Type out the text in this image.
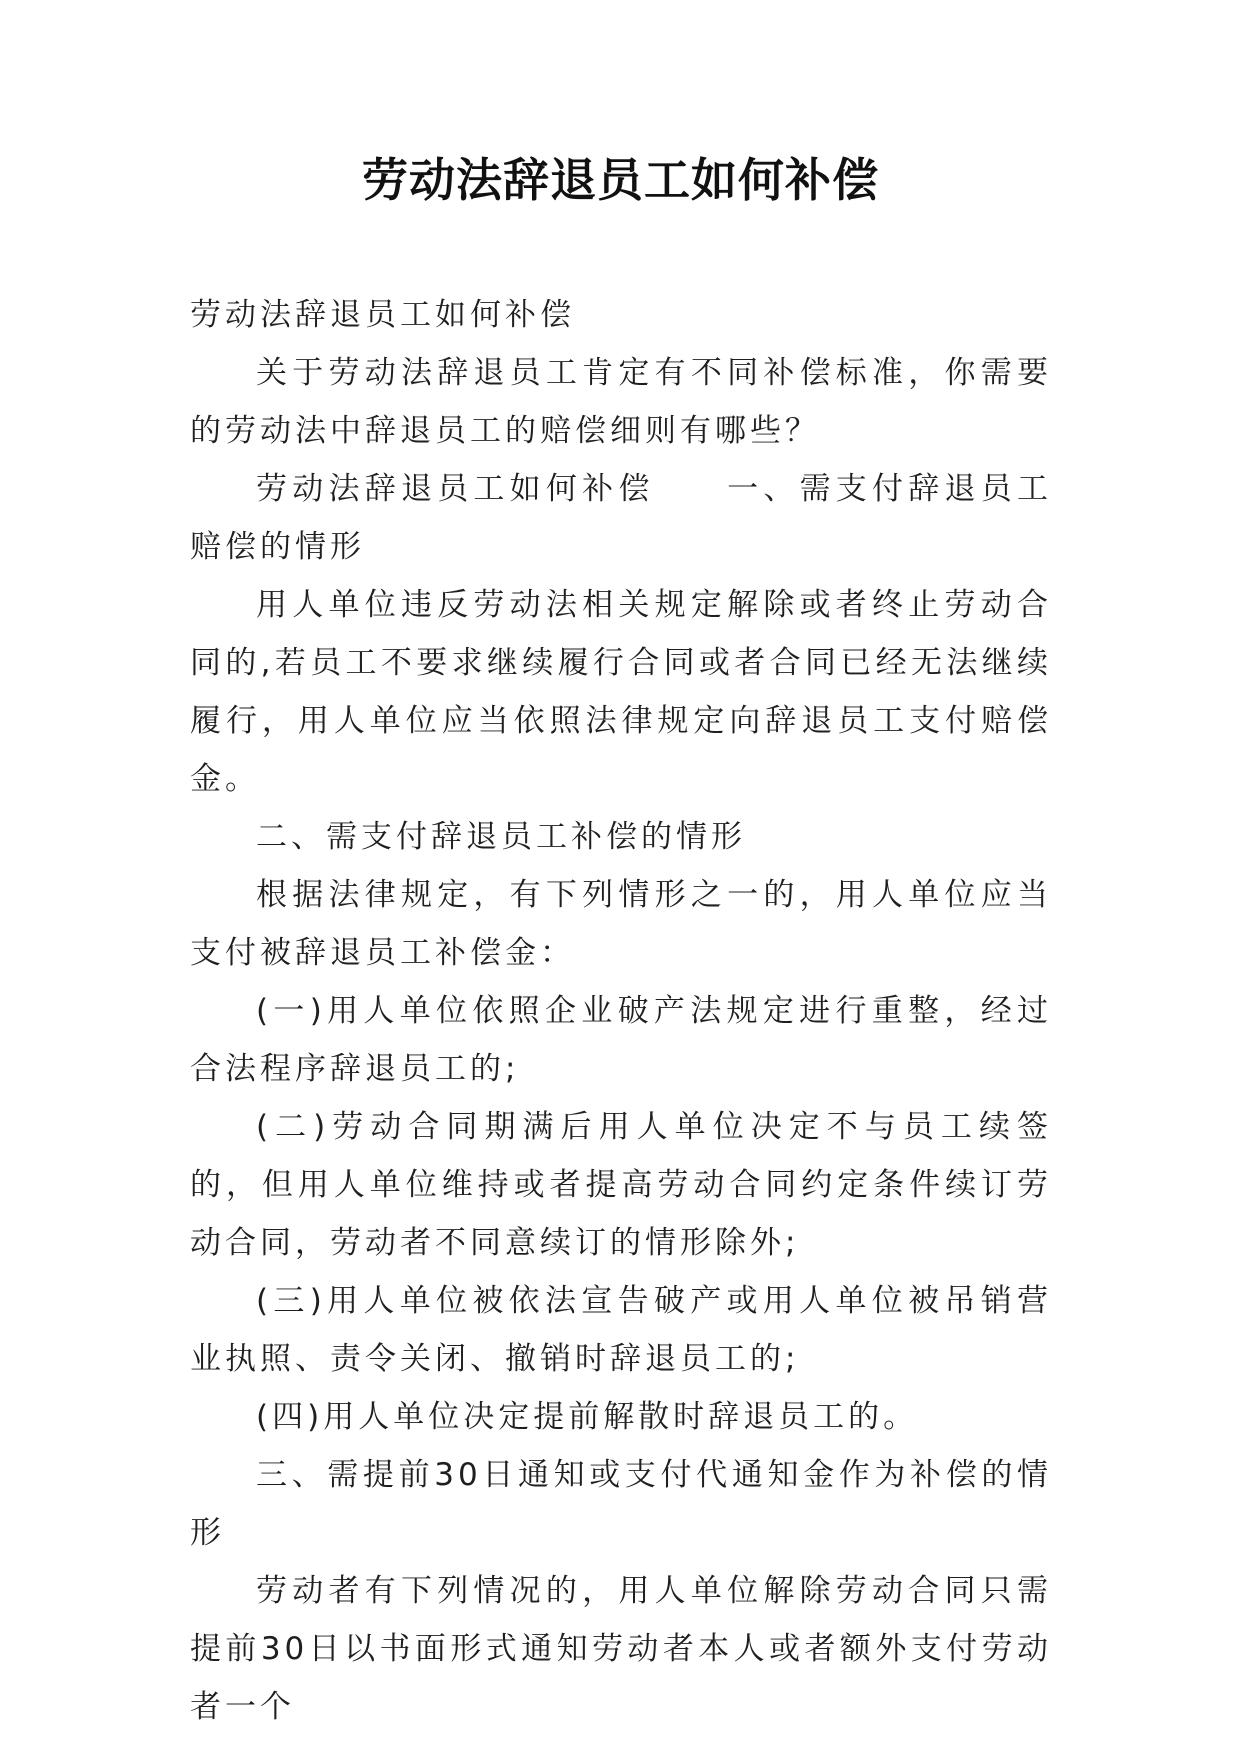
劳动法辞退员工如何补偿

劳动法辞退员工如何补偿

关于劳动法辞退员工肯定有不同补偿标准，你需要的劳动法中辞退员工的赔偿细则有哪些？

劳动法辞退员工如何补偿　　一、需支付辞退员工赔偿的情形

用人单位违反劳动法相关规定解除或者终止劳动合同的,若员工不要求继续履行合同或者合同已经无法继续履行，用人单位应当依照法律规定向辞退员工支付赔偿金。

二、需支付辞退员工补偿的情形

根据法律规定，有下列情形之一的，用人单位应当支付被辞退员工补偿金：

(一)用人单位依照企业破产法规定进行重整，经过合法程序辞退员工的;

(二)劳动合同期满后用人单位决定不与员工续签的，但用人单位维持或者提高劳动合同约定条件续订劳动合同，劳动者不同意续订的情形除外;

(三)用人单位被依法宣告破产或用人单位被吊销营业执照、责令关闭、撤销时辞退员工的;

(四)用人单位决定提前解散时辞退员工的。

三、需提前30日通知或支付代通知金作为补偿的情形

劳动者有下列情况的，用人单位解除劳动合同只需提前30日以书面形式通知劳动者本人或者额外支付劳动者一个
